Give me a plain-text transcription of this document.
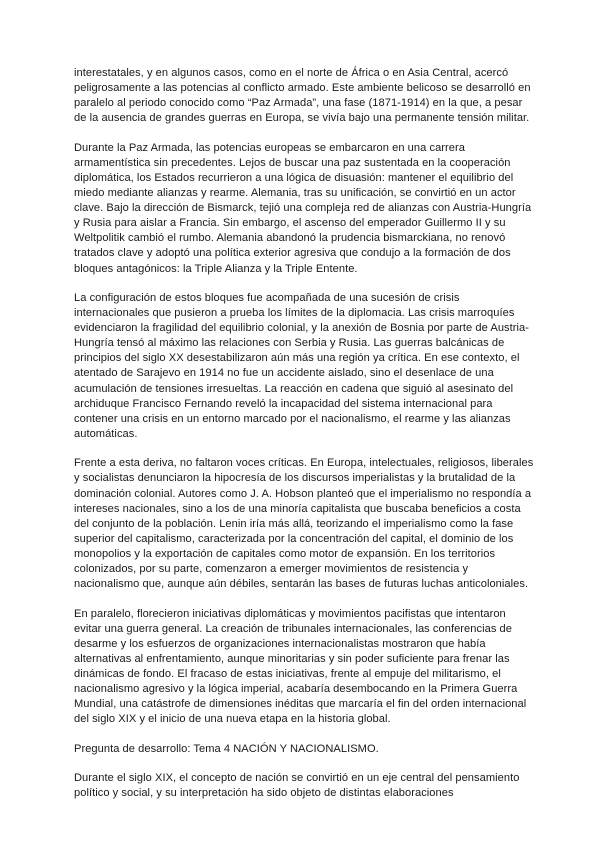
interestatales, y en algunos casos, como en el norte de África o en Asia Central, acercó peligrosamente a las potencias al conflicto armado. Este ambiente belicoso se desarrolló en paralelo al periodo conocido como “Paz Armada”, una fase (1871-1914) en la que, a pesar de la ausencia de grandes guerras en Europa, se vivía bajo una permanente tensión militar.

Durante la Paz Armada, las potencias europeas se embarcaron en una carrera armamentística sin precedentes. Lejos de buscar una paz sustentada en la cooperación diplomática, los Estados recurrieron a una lógica de disuasión: mantener el equilibrio del miedo mediante alianzas y rearme. Alemania, tras su unificación, se convirtió en un actor clave. Bajo la dirección de Bismarck, tejió una compleja red de alianzas con Austria-Hungría y Rusia para aislar a Francia. Sin embargo, el ascenso del emperador Guillermo II y su Weltpolitik cambió el rumbo. Alemania abandonó la prudencia bismarckiana, no renovó tratados clave y adoptó una política exterior agresiva que condujo a la formación de dos bloques antagónicos: la Triple Alianza y la Triple Entente.

La configuración de estos bloques fue acompañada de una sucesión de crisis internacionales que pusieron a prueba los límites de la diplomacia. Las crisis marroquíes evidenciaron la fragilidad del equilibrio colonial, y la anexión de Bosnia por parte de Austria-Hungría tensó al máximo las relaciones con Serbia y Rusia. Las guerras balcánicas de principios del siglo XX desestabilizaron aún más una región ya crítica. En ese contexto, el atentado de Sarajevo en 1914 no fue un accidente aislado, sino el desenlace de una acumulación de tensiones irresueltas. La reacción en cadena que siguió al asesinato del archiduque Francisco Fernando reveló la incapacidad del sistema internacional para contener una crisis en un entorno marcado por el nacionalismo, el rearme y las alianzas automáticas.

Frente a esta deriva, no faltaron voces críticas. En Europa, intelectuales, religiosos, liberales y socialistas denunciaron la hipocresía de los discursos imperialistas y la brutalidad de la dominación colonial. Autores como J. A. Hobson planteó que el imperialismo no respondía a intereses nacionales, sino a los de una minoría capitalista que buscaba beneficios a costa del conjunto de la población. Lenin iría más allá, teorizando el imperialismo como la fase superior del capitalismo, caracterizada por la concentración del capital, el dominio de los monopolios y la exportación de capitales como motor de expansión. En los territorios colonizados, por su parte, comenzaron a emerger movimientos de resistencia y nacionalismo que, aunque aún débiles, sentarán las bases de futuras luchas anticoloniales.

En paralelo, florecieron iniciativas diplomáticas y movimientos pacifistas que intentaron evitar una guerra general. La creación de tribunales internacionales, las conferencias de desarme y los esfuerzos de organizaciones internacionalistas mostraron que había alternativas al enfrentamiento, aunque minoritarias y sin poder suficiente para frenar las dinámicas de fondo. El fracaso de estas iniciativas, frente al empuje del militarismo, el nacionalismo agresivo y la lógica imperial, acabaría desembocando en la Primera Guerra Mundial, una catástrofe de dimensiones inéditas que marcaría el fin del orden internacional del siglo XIX y el inicio de una nueva etapa en la historia global.

Pregunta de desarrollo: Tema 4 NACIÓN Y NACIONALISMO.

Durante el siglo XIX, el concepto de nación se convirtió en un eje central del pensamiento político y social, y su interpretación ha sido objeto de distintas elaboraciones
